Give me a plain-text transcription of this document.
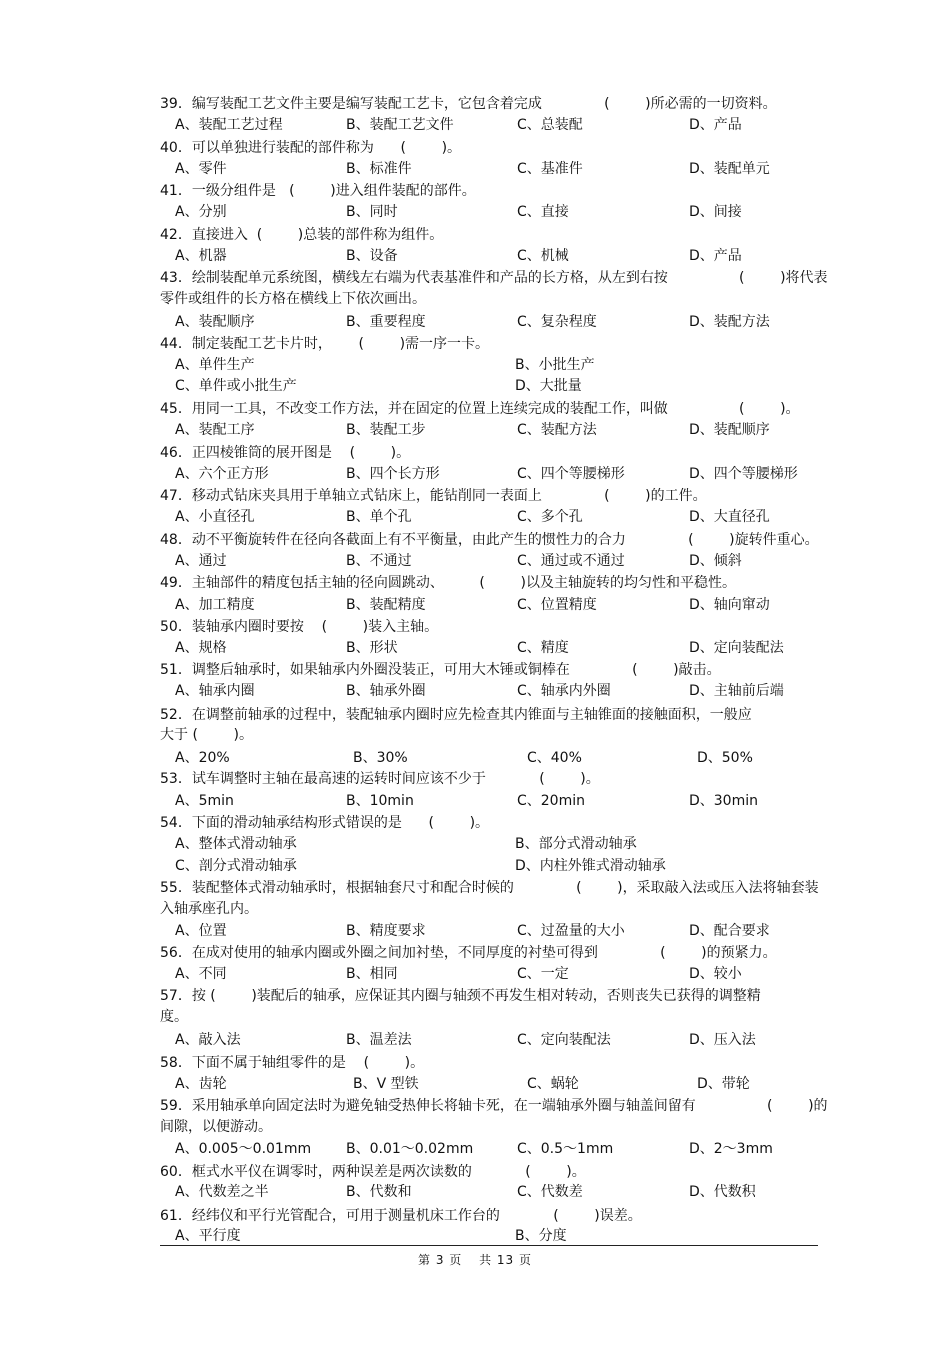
39．编写装配工艺文件主要是编写装配工艺卡，它包含着完成              (        )所必需的一切资料。
A、装配工艺过程	B、装配工艺文件	C、总装配	D、产品
40．可以单独进行装配的部件称为      (        )。
A、零件	B、标准件	C、基准件	D、装配单元
41．一级分组件是   (        )进入组件装配的部件。
A、分别	B、同时	C、直接	D、间接
42．直接进入  (        )总装的部件称为组件。
A、机器	B、设备	C、机械	D、产品
43．绘制装配单元系统图，横线左右端为代表基准件和产品的长方格，从左到右按                (        )将代表
零件或组件的长方格在横线上下依次画出。
A、装配顺序	B、重要程度	C、复杂程度	D、装配方法
44．制定装配工艺卡片时，      (        )需一序一卡。
A、单件生产	B、小批生产
C、单件或小批生产	D、大批量
45．用同一工具，不改变工作方法，并在固定的位置上连续完成的装配工作，叫做                (        )。
A、装配工序	B、装配工步	C、装配方法	D、装配顺序
46．正四棱锥筒的展开图是    (        )。
A、六个正方形	B、四个长方形	C、四个等腰梯形	D、四个等腰梯形
47．移动式钻床夹具用于单轴立式钻床上，能钻削同一表面上              (        )的工件。
A、小直径孔	B、单个孔	C、多个孔	D、大直径孔
48．动不平衡旋转件在径向各截面上有不平衡量，由此产生的惯性力的合力              (        )旋转件重心。
A、通过	B、不通过	C、通过或不通过	D、倾斜
49．主轴部件的精度包括主轴的径向圆跳动、        (        )以及主轴旋转的均匀性和平稳性。
A、加工精度	B、装配精度	C、位置精度	D、轴向窜动
50．装轴承内圈时要按    (        )装入主轴。
A、规格	B、形状	C、精度	D、定向装配法
51．调整后轴承时，如果轴承内外圈没装正，可用大木锤或铜棒在              (        )敲击。
A、轴承内圈	B、轴承外圈	C、轴承内外圈	D、主轴前后端
52．在调整前轴承的过程中，装配轴承内圈时应先检查其内锥面与主轴锥面的接触面积，一般应
大于 (        )。
A、20%	B、30%	C、40%	D、50%
53．试车调整时主轴在最高速的运转时间应该不少于            (        )。
A、5min	B、10min	C、20min	D、30min
54．下面的滑动轴承结构形式错误的是      (        )。
A、整体式滑动轴承	B、部分式滑动轴承
C、剖分式滑动轴承	D、内柱外锥式滑动轴承
55．装配整体式滑动轴承时，根据轴套尺寸和配合时候的              (        )，采取敲入法或压入法将轴套装
入轴承座孔内。
A、位置	B、精度要求	C、过盈量的大小	D、配合要求
56．在成对使用的轴承内圈或外圈之间加衬垫，不同厚度的衬垫可得到              (        )的预紧力。
A、不同	B、相同	C、一定	D、较小
57．按 (        )装配后的轴承，应保证其内圈与轴颈不再发生相对转动，否则丧失已获得的调整精
度。
A、敲入法	B、温差法	C、定向装配法	D、压入法
58．下面不属于轴组零件的是    (        )。
A、齿轮	B、V 型铁	C、蜗轮	D、带轮
59．采用轴承单向固定法时为避免轴受热伸长将轴卡死，在一端轴承外圈与轴盖间留有                (        )的
间隙，以便游动。
A、0.005～0.01mm B、0.01～0.02mm	C、0.5～1mm	D、2～3mm
60．框式水平仪在调零时，两种误差是两次读数的            (        )。
A、代数差之半	B、代数和	C、代数差	D、代数积
61．经纬仪和平行光管配合，可用于测量机床工作台的            (        )误差。
A、平行度	B、分度
第 3 页 共 13 页
